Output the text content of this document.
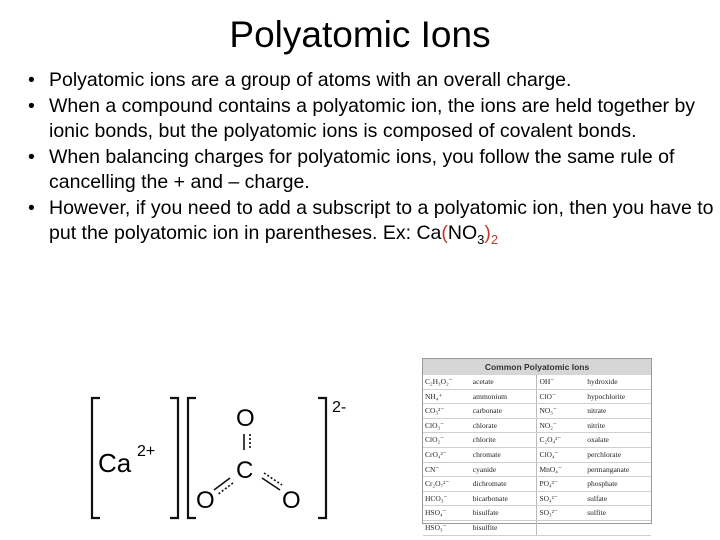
Polyatomic Ions
• Polyatomic ions are a group of atoms with an overall charge.
• When a compound contains a polyatomic ion, the ions are held together by ionic bonds, but the polyatomic ions is composed of covalent bonds.
• When balancing charges for polyatomic ions, you follow the same rule of cancelling the + and – charge.
• However, if you need to add a subscript to a polyatomic ion, then you have to put the polyatomic ion in parentheses. Ex: $Ca(NO_3)_2$
Ca 2+
O
C
O	O
2-
Common Polyatomic Ions
C₂H₃O₂⁻	acetate	OH⁻	hydroxide
NH₄⁺	ammonium	ClO⁻	hypochlorite
CO₃²⁻	carbonate	NO₃⁻	nitrate
ClO₃⁻	chlorate	NO₂⁻	nitrite
ClO₂⁻	chlorite	C₂O₄²⁻	oxalate
CrO₄²⁻	chromate	ClO₄⁻	perchlorate
CN⁻	cyanide	MnO₄⁻	permanganate
Cr₂O₇²⁻	dichromate	PO₄³⁻	phosphate
HCO₃⁻	bicarbonate	SO₄²⁻	sulfate
HSO₄⁻	bisulfate	SO₃²⁻	sulfite
HSO₃⁻	bisulfite		
